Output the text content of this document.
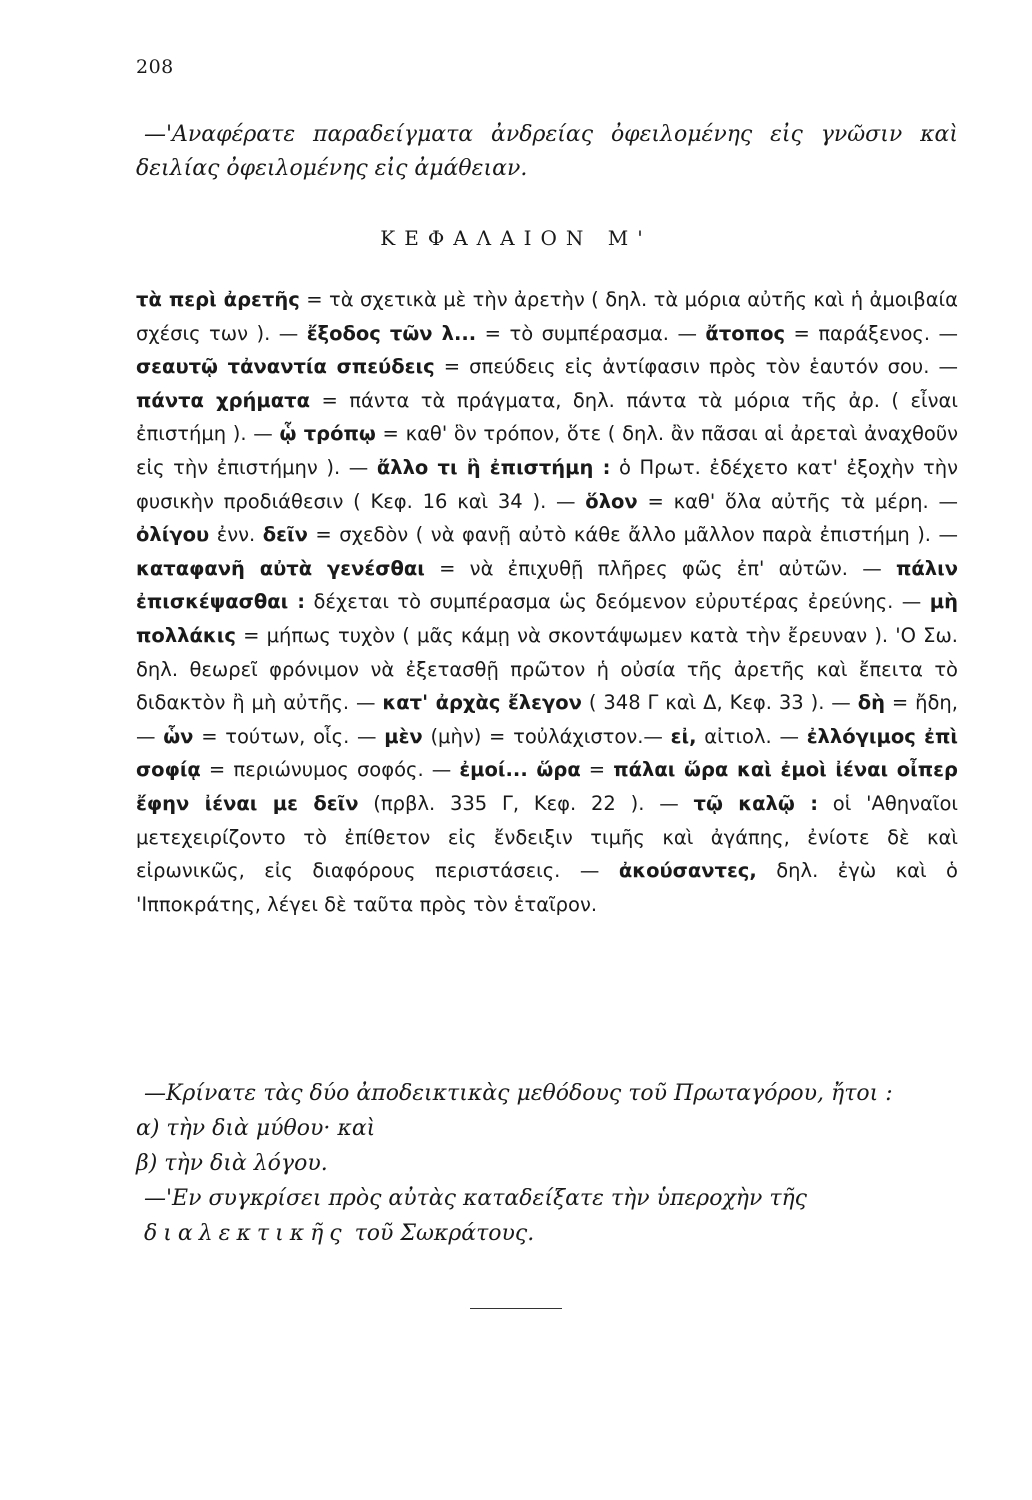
208
—'Αναφέρατε παραδείγματα ἀνδρείας ὀφειλομένης εἰς γνῶσιν καὶ δειλίας ὀφειλομένης εἰς ἀμάθειαν.
ΚΕΦΑΛΑΙΟΝ Μ'
τὰ περὶ ἀρετῆς = τὰ σχετικὰ μὲ τὴν ἀρετὴν ( δηλ. τὰ μόρια αὐτῆς καὶ ἡ ἀμοιβαία σχέσις των ). — ἔξοδος τῶν λ... = τὸ συμπέρασμα. — ἄτοπος = παράξενος. — σεαυτῷ τἀναντία σπεύδεις = σπεύδεις εἰς ἀντίφασιν πρὸς τὸν ἑαυτόν σου. — πάντα χρήματα = πάντα τὰ πράγματα, δηλ. πάντα τὰ μόρια τῆς ἀρ. ( εἶναι ἐπιστήμη ). — ᾧ τρόπῳ = καθ' ὃν τρόπον, ὅτε ( δηλ. ἂν πᾶσαι αἱ ἀρεταὶ ἀναχθοῦν εἰς τὴν ἐπιστήμην ). — ἄλλο τι ἢ ἐπιστήμη : ὁ Πρωτ. ἐδέχετο κατ' ἐξοχὴν τὴν φυσικὴν προδιάθεσιν ( Κεφ. 16 καὶ 34 ). — ὅλον = καθ' ὅλα αὐτῆς τὰ μέρη. — ὀλίγου ἐνν. δεῖν = σχεδὸν ( νὰ φανῇ αὐτὸ κάθε ἄλλο μᾶλλον παρὰ ἐπιστήμη ). — καταφανῆ αὐτὰ γενέσθαι = νὰ ἐπιχυθῇ πλῆρες φῶς ἐπ' αὐτῶν. — πάλιν ἐπισκέψασθαι : δέχεται τὸ συμπέρασμα ὡς δεόμενον εὐρυτέρας ἐρεύνης. — μὴ πολλάκις = μήπως τυχὸν ( μᾶς κάμῃ νὰ σκοντάψωμεν κατὰ τὴν ἔρευναν ). 'Ο Σω. δηλ. θεωρεῖ φρόνιμον νὰ ἐξετασθῇ πρῶτον ἡ οὐσία τῆς ἀρετῆς καὶ ἔπειτα τὸ διδακτὸν ἢ μὴ αὐτῆς. — κατ' ἀρχὰς ἔλεγον ( 348 Γ καὶ Δ, Κεφ. 33 ). — δὴ = ἤδη, — ὧν = τούτων, οἷς. — μὲν (μὴν) = τοὐλάχιστον.— εἰ, αἰτιολ. — ἐλλόγιμος ἐπὶ σοφίᾳ = περιώνυμος σοφός. — ἐμοί... ὥρα = πάλαι ὥρα καὶ ἐμοὶ ἰέναι οἶπερ ἔφην ἰέναι με δεῖν (πρβλ. 335 Γ, Κεφ. 22 ). — τῷ καλῷ : οἱ 'Αθηναῖοι μετεχειρίζοντο τὸ ἐπίθετον εἰς ἔνδειξιν τιμῆς καὶ ἀγάπης, ἐνίοτε δὲ καὶ εἰρωνικῶς, εἰς διαφόρους περιστάσεις. — ἀκούσαντες, δηλ. ἐγὼ καὶ ὁ 'Ιπποκράτης, λέγει δὲ ταῦτα πρὸς τὸν ἑταῖρον.

—Κρίνατε τὰς δύο ἀποδεικτικὰς μεθόδους τοῦ Πρωταγόρου, ἤτοι :

α) τὴν διὰ μύθου· καὶ

β) τὴν διὰ λόγου.

—'Εν συγκρίσει πρὸς αὐτὰς καταδείξατε τὴν ὑπεροχὴν τῆς διαλεκτικῆς τοῦ Σωκράτους.
